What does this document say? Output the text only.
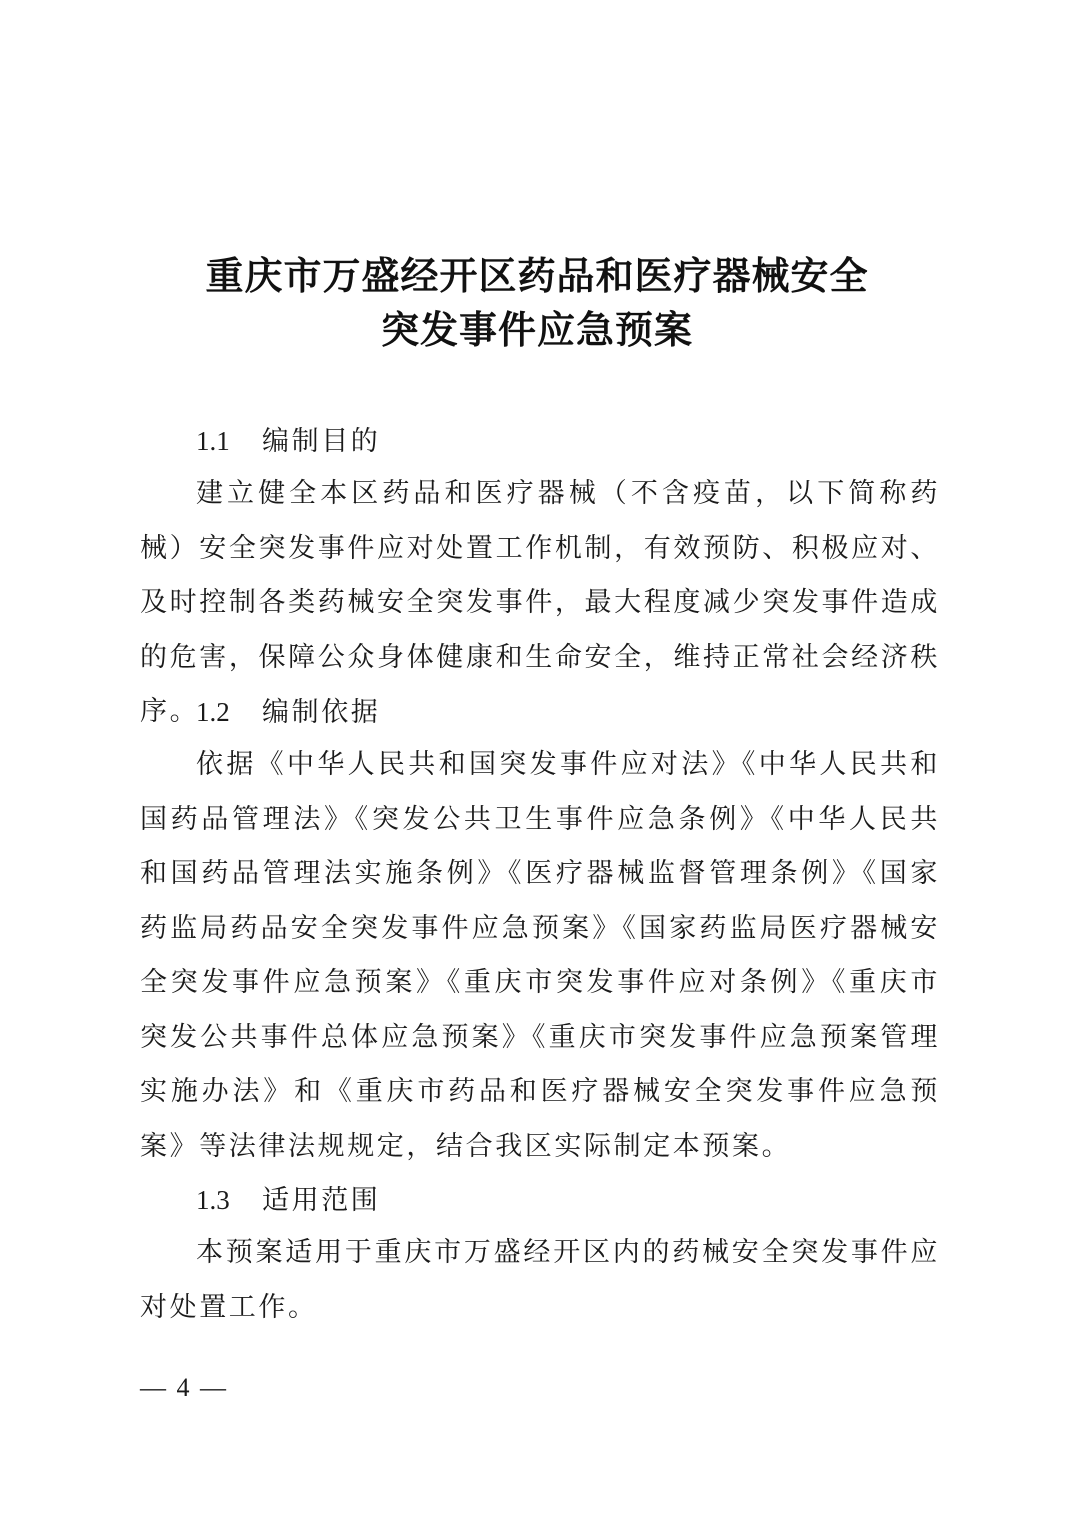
重庆市万盛经开区药品和医疗器械安全
突发事件应急预案
1.1 编制目的

建立健全本区药品和医疗器械（不含疫苗，以下简称药械）安全突发事件应对处置工作机制，有效预防、积极应对、及时控制各类药械安全突发事件，最大程度减少突发事件造成的危害，保障公众身体健康和生命安全，维持正常社会经济秩序。

1.2 编制依据

依据《中华人民共和国突发事件应对法》《中华人民共和国药品管理法》《突发公共卫生事件应急条例》《中华人民共和国药品管理法实施条例》《医疗器械监督管理条例》《国家药监局药品安全突发事件应急预案》《国家药监局医疗器械安全突发事件应急预案》《重庆市突发事件应对条例》《重庆市突发公共事件总体应急预案》《重庆市突发事件应急预案管理实施办法》和《重庆市药品和医疗器械安全突发事件应急预案》等法律法规规定，结合我区实际制定本预案。

1.3 适用范围

本预案适用于重庆市万盛经开区内的药械安全突发事件应对处置工作。

— 4 —
